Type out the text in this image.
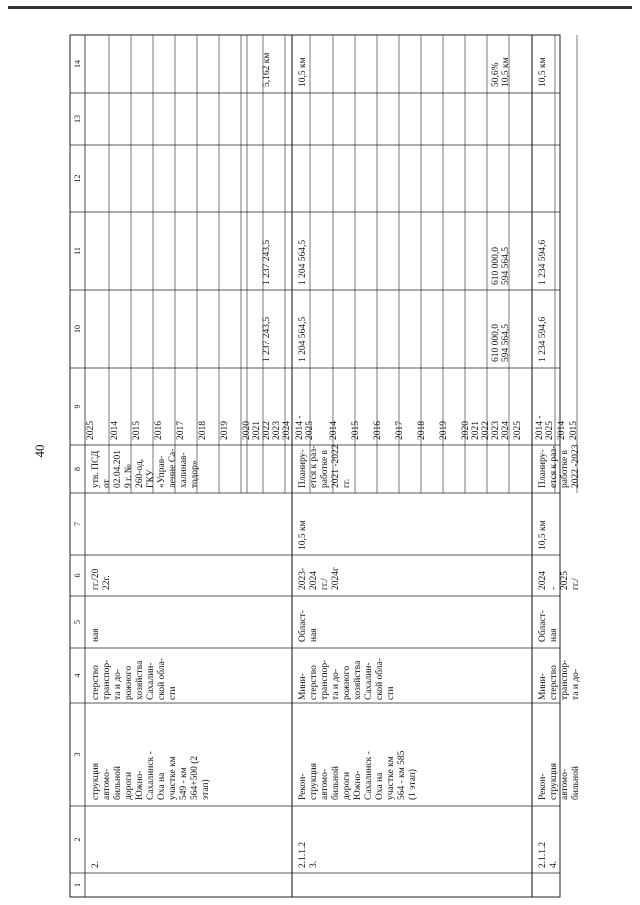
40
1
2
3
4
5
6
7
8
9
10
11
12
13
14
2.
струкция автомо- бильной дороги Южно- Сахалинск - Оха на участке км 549 - км 564+500 (2 этап)
стерство транспор- та и до- рожного хозяйства Сахалин- ской обла- сти
ная
гг./20 22г.
утв. ПСД от 02.04.201 9 г. № 260-од, ГКУ «Управ- ление Са- халинав- тодор»
2025 2014 2015 2016 2017 2018 2019 2020 2021 2022 2023 2024
1 237 243,5
1 237 243,5
5,162 км
2.1.1.2 3.
Рекон- струкция автомо- бильной дороги Южно- Сахалинск - Оха на участке км 564 - км 585 (1 этап)
Мини- стерство транспор- та и до- рожного хозяйства Сахалин- ской обла- сти
Област- ная
2023- 2024 гг./ 2024г
10,5 км
Планиру- ется к раз- работке в 2021 -2022 гг.
2014 - 2025 2014 2015 2016 2017 2018 2019 2020 2021 2022 2023 2024 2025
1 204 564,5
1 204 564,5
10,5 км
610 000,0 594 564,5
610 000,0 594 564,5
50,6% 10,5 км
2.1.1.2 4.
Рекон- струкция автомо- бильной
Мини- стерство транспор- та и до-
Област- ная
2024 - 2025 гг./
10,5 км
Планиру- ется к раз- работке в 2022 -2023
2014 - 2025 2014 2015
1 234 594,6
1 234 594,6
10,5 км
